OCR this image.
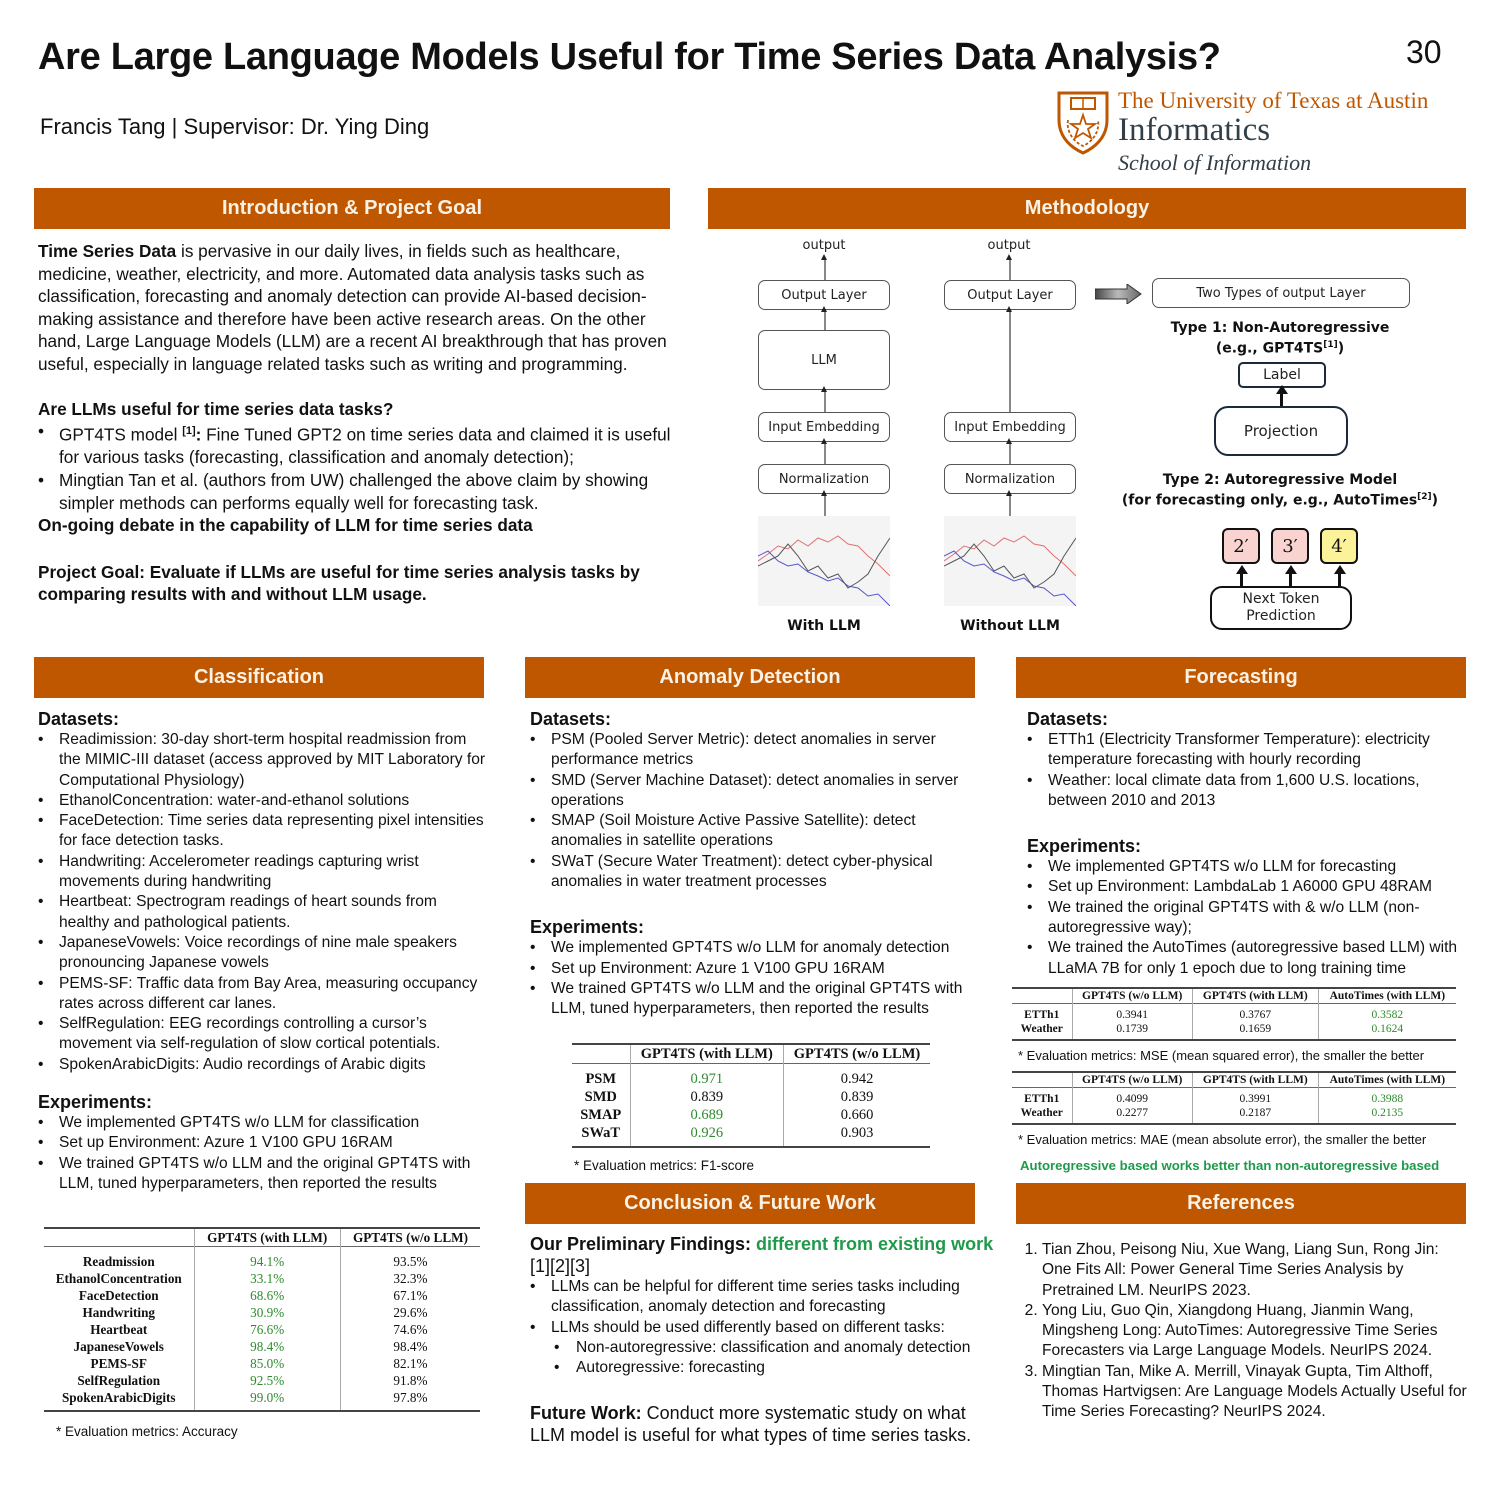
Are Large Language Models Useful for Time Series Data Analysis?	30
Francis Tang | Supervisor: Dr. Ying Ding
The University of Texas at Austin
Informatics
School of Information
Introduction & Project Goal

Time Series Data is pervasive in our daily lives, in fields such as healthcare, medicine, weather, electricity, and more. Automated data analysis tasks such as classification, forecasting and anomaly detection can provide AI-based decision-making assistance and therefore have been active research areas. On the other hand, Large Language Models (LLM) are a recent AI breakthrough that has proven useful, especially in language related tasks such as writing and programming.

Are LLMs useful for time series data tasks?

• GPT4TS model [1]: Fine Tuned GPT2 on time series data and claimed it is useful for various tasks (forecasting, classification and anomaly detection);
• Mingtian Tan et al. (authors from UW) challenged the above claim by showing simpler methods can performs equally well for forecasting task.

On-going debate in the capability of LLM for time series data

Project Goal: Evaluate if LLMs are useful for time series analysis tasks by comparing results with and without LLM usage.

Methodology
output
Output Layer
LLM
Input Embedding
Normalization
With LLM
output
Output Layer
Input Embedding
Normalization
Without LLM
Two Types of output Layer
Type 1: Non-Autoregressive
(e.g., GPT4TS[1])
Label
Projection
Type 2: Autoregressive Model
(for forecasting only, e.g., AutoTimes[2])
2′	3′	4′
Next Token
Prediction
Classification
Datasets:
• Readimission: 30-day short-term hospital readmission from the MIMIC-III dataset (access approved by MIT Laboratory for Computational Physiology)
• EthanolConcentration: water-and-ethanol solutions
• FaceDetection: Time series data representing pixel intensities for face detection tasks.
• Handwriting: Accelerometer readings capturing wrist movements during handwriting
• Heartbeat: Spectrogram readings of heart sounds from healthy and pathological patients.
• JapaneseVowels: Voice recordings of nine male speakers pronouncing Japanese vowels
• PEMS-SF: Traffic data from Bay Area, measuring occupancy rates across different car lanes.
• SelfRegulation: EEG recordings controlling a cursor’s movement via self-regulation of slow cortical potentials.
• SpokenArabicDigits: Audio recordings of Arabic digits
Experiments:
• We implemented GPT4TS w/o LLM for classification
• Set up Environment: Azure 1 V100 GPU 16RAM
• We trained GPT4TS w/o LLM and the original GPT4TS with LLM, tuned hyperparameters, then reported the results
	GPT4TS (with LLM)	GPT4TS (w/o LLM)
Readmission	94.1%	93.5%
EthanolConcentration	33.1%	32.3%
FaceDetection	68.6%	67.1%
Handwriting	30.9%	29.6%
Heartbeat	76.6%	74.6%
JapaneseVowels	98.4%	98.4%
PEMS-SF	85.0%	82.1%
SelfRegulation	92.5%	91.8%
SpokenArabicDigits	99.0%	97.8%
* Evaluation metrics: Accuracy
Anomaly Detection
Datasets:
• PSM (Pooled Server Metric): detect anomalies in server performance metrics
• SMD (Server Machine Dataset): detect anomalies in server operations
• SMAP (Soil Moisture Active Passive Satellite): detect anomalies in satellite operations
• SWaT (Secure Water Treatment): detect cyber-physical anomalies in water treatment processes
Experiments:
• We implemented GPT4TS w/o LLM for anomaly detection
• Set up Environment: Azure 1 V100 GPU 16RAM
• We trained GPT4TS w/o LLM and the original GPT4TS with LLM, tuned hyperparameters, then reported the results
	GPT4TS (with LLM)	GPT4TS (w/o LLM)
PSM	0.971	0.942
SMD	0.839	0.839
SMAP	0.689	0.660
SWaT	0.926	0.903
* Evaluation metrics: F1-score
Forecasting
Datasets:
• ETTh1 (Electricity Transformer Temperature): electricity temperature forecasting with hourly recording
• Weather: local climate data from 1,600 U.S. locations, between 2010 and 2013
Experiments:
• We implemented GPT4TS w/o LLM for forecasting
• Set up Environment: LambdaLab 1 A6000 GPU 48RAM
• We trained the original GPT4TS with & w/o LLM (non-autoregressive way);
• We trained the AutoTimes (autoregressive based LLM) with LLaMA 7B for only 1 epoch due to long training time
	GPT4TS (w/o LLM)	GPT4TS (with LLM)	AutoTimes (with LLM)
ETTh1	0.3941	0.3767	0.3582
Weather	0.1739	0.1659	0.1624
* Evaluation metrics: MSE (mean squared error), the smaller the better
	GPT4TS (w/o LLM)	GPT4TS (with LLM)	AutoTimes (with LLM)
ETTh1	0.4099	0.3991	0.3988
Weather	0.2277	0.2187	0.2135
* Evaluation metrics: MAE (mean absolute error), the smaller the better
Autoregressive based works better than non-autoregressive based
Conclusion & Future Work

Our Preliminary Findings: different from existing work [1][2][3]

• LLMs can be helpful for different time series tasks including classification, anomaly detection and forecasting
• LLMs should be used differently based on different tasks:
• Non-autoregressive: classification and anomaly detection
• Autoregressive: forecasting

Future Work: Conduct more systematic study on what LLM model is useful for what types of time series tasks.

References
1. Tian Zhou, Peisong Niu, Xue Wang, Liang Sun, Rong Jin: One Fits All: Power General Time Series Analysis by Pretrained LM. NeurIPS 2023.
2. Yong Liu, Guo Qin, Xiangdong Huang, Jianmin Wang, Mingsheng Long: AutoTimes: Autoregressive Time Series Forecasters via Large Language Models. NeurIPS 2024.
3. Mingtian Tan, Mike A. Merrill, Vinayak Gupta, Tim Althoff, Thomas Hartvigsen: Are Language Models Actually Useful for Time Series Forecasting? NeurIPS 2024.
